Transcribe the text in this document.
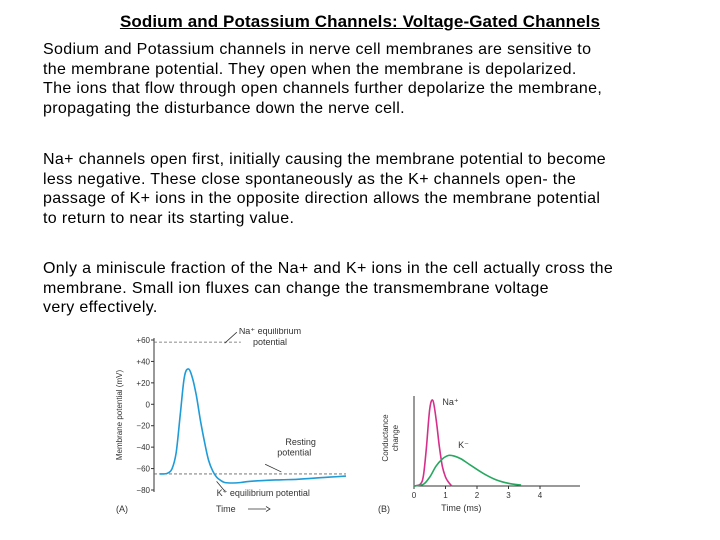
Sodium and Potassium Channels: Voltage-Gated Channels
Sodium and Potassium channels in nerve cell membranes are sensitive to
the membrane potential. They open when the membrane is depolarized.
The ions that flow through open channels further depolarize the membrane,
propagating the disturbance down the nerve cell.
Na+ channels open first, initially causing the membrane potential to become
less negative. These close spontaneously as the K+ channels open- the
passage of K+ ions in the opposite direction allows the membrane potential
to return to near its starting value.
Only a miniscule fraction of the Na+ and K+ ions in the cell actually cross the
membrane. Small ion fluxes can change the transmembrane voltage
very effectively.
+60
+40
+20
0
−20
−40
−60
−80
Membrane potential (mV)
Na⁺ equilibrium
potential
Resting
potential
K⁺ equilibrium potential
(A)	Time
Conductance change
0	1	2	3	4
Time (ms)
(B)
Na⁺
K⁻
